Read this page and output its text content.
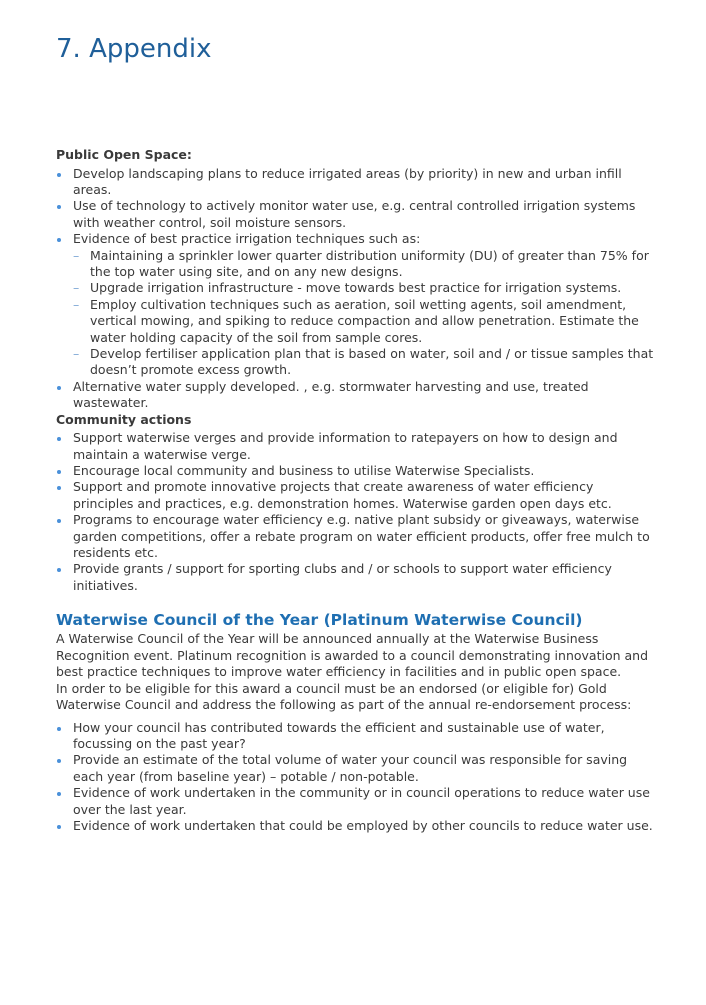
7. Appendix
Public Open Space:
Develop landscaping plans to reduce irrigated areas (by priority) in new and urban infill areas.
Use of technology to actively monitor water use, e.g. central controlled irrigation systems with weather control, soil moisture sensors.
Evidence of best practice irrigation techniques such as:
– Maintaining a sprinkler lower quarter distribution uniformity (DU) of greater than 75% for the top water using site, and on any new designs.
– Upgrade irrigation infrastructure - move towards best practice for irrigation systems.
– Employ cultivation techniques such as aeration, soil wetting agents, soil amendment, vertical mowing, and spiking to reduce compaction and allow penetration. Estimate the water holding capacity of the soil from sample cores.
– Develop fertiliser application plan that is based on water, soil and / or tissue samples that doesn’t promote excess growth.
Alternative water supply developed. , e.g. stormwater harvesting and use, treated wastewater.
Community actions
Support waterwise verges and provide information to ratepayers on how to design and maintain a waterwise verge.
Encourage local community and business to utilise Waterwise Specialists.
Support and promote innovative projects that create awareness of water efficiency principles and practices, e.g. demonstration homes. Waterwise garden open days etc.
Programs to encourage water efficiency e.g. native plant subsidy or giveaways, waterwise garden competitions, offer a rebate program on water efficient products, offer free mulch to residents etc.
Provide grants / support for sporting clubs and / or schools to support water efficiency initiatives.
Waterwise Council of the Year (Platinum Waterwise Council)

A Waterwise Council of the Year will be announced annually at the Waterwise Business Recognition event. Platinum recognition is awarded to a council demonstrating innovation and best practice techniques to improve water efficiency in facilities and in public open space.

In order to be eligible for this award a council must be an endorsed (or eligible for) Gold Waterwise Council and address the following as part of the annual re-endorsement process:

How your council has contributed towards the efficient and sustainable use of water, focussing on the past year?
Provide an estimate of the total volume of water your council was responsible for saving each year (from baseline year) – potable / non-potable.
Evidence of work undertaken in the community or in council operations to reduce water use over the last year.
Evidence of work undertaken that could be employed by other councils to reduce water use.
